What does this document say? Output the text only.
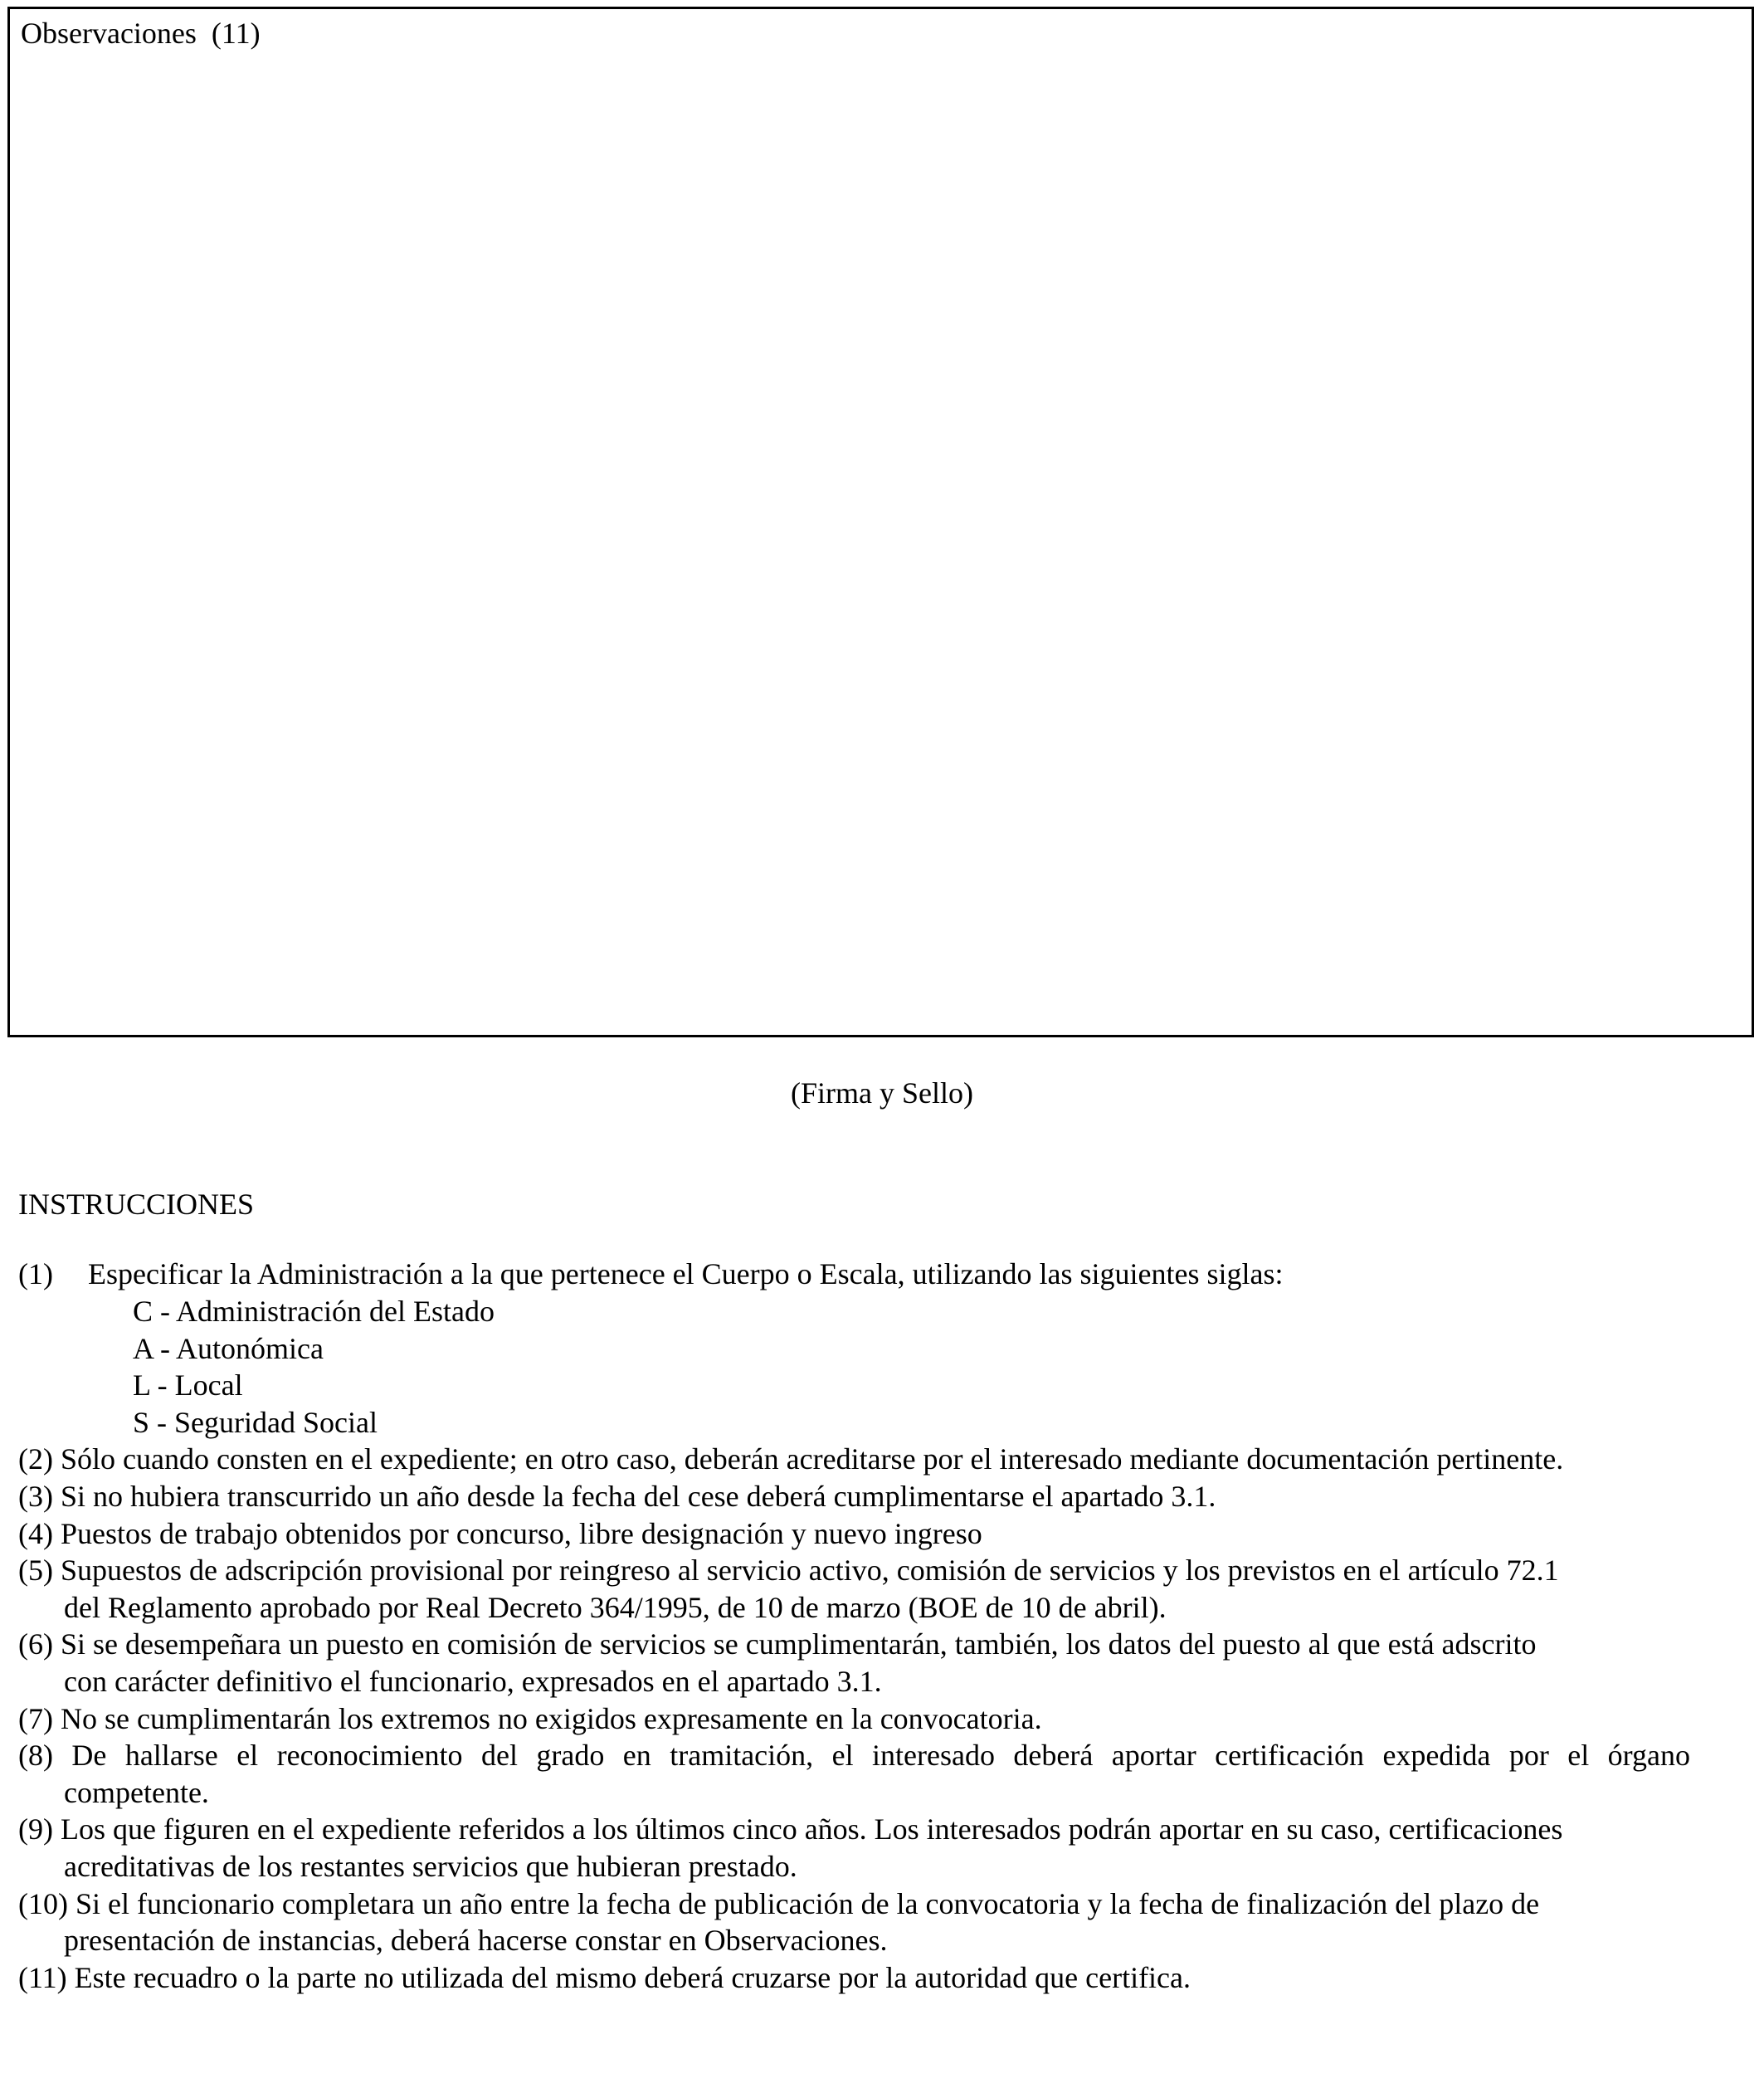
Observaciones  (11)
(Firma y Sello)
INSTRUCCIONES
(1) Especificar la Administración a la que pertenece el Cuerpo o Escala, utilizando las siguientes siglas:
C - Administración del Estado
A - Autonómica
L - Local
S - Seguridad Social
(2) Sólo cuando consten en el expediente; en otro caso, deberán acreditarse por el interesado mediante documentación pertinente.
(3) Si no hubiera transcurrido un año desde la fecha del cese deberá cumplimentarse el apartado 3.1.
(4) Puestos de trabajo obtenidos por concurso, libre designación y nuevo ingreso
(5) Supuestos de adscripción provisional por reingreso al servicio activo, comisión de servicios y los previstos en el artículo 72.1
del Reglamento aprobado por Real Decreto 364/1995, de 10 de marzo (BOE de 10 de abril).
(6) Si se desempeñara un puesto en comisión de servicios se cumplimentarán, también, los datos del puesto al que está adscrito
con carácter definitivo el funcionario, expresados en el apartado 3.1.
(7) No se cumplimentarán los extremos no exigidos expresamente en la convocatoria.
(8) De hallarse el reconocimiento del grado en tramitación, el interesado deberá aportar certificación expedida por el órgano
competente.
(9) Los que figuren en el expediente referidos a los últimos cinco años. Los interesados podrán aportar en su caso, certificaciones
acreditativas de los restantes servicios que hubieran prestado.
(10) Si el funcionario completara un año entre la fecha de publicación de la convocatoria y la fecha de finalización del plazo de
presentación de instancias, deberá hacerse constar en Observaciones.
(11) Este recuadro o la parte no utilizada del mismo deberá cruzarse por la autoridad que certifica.
